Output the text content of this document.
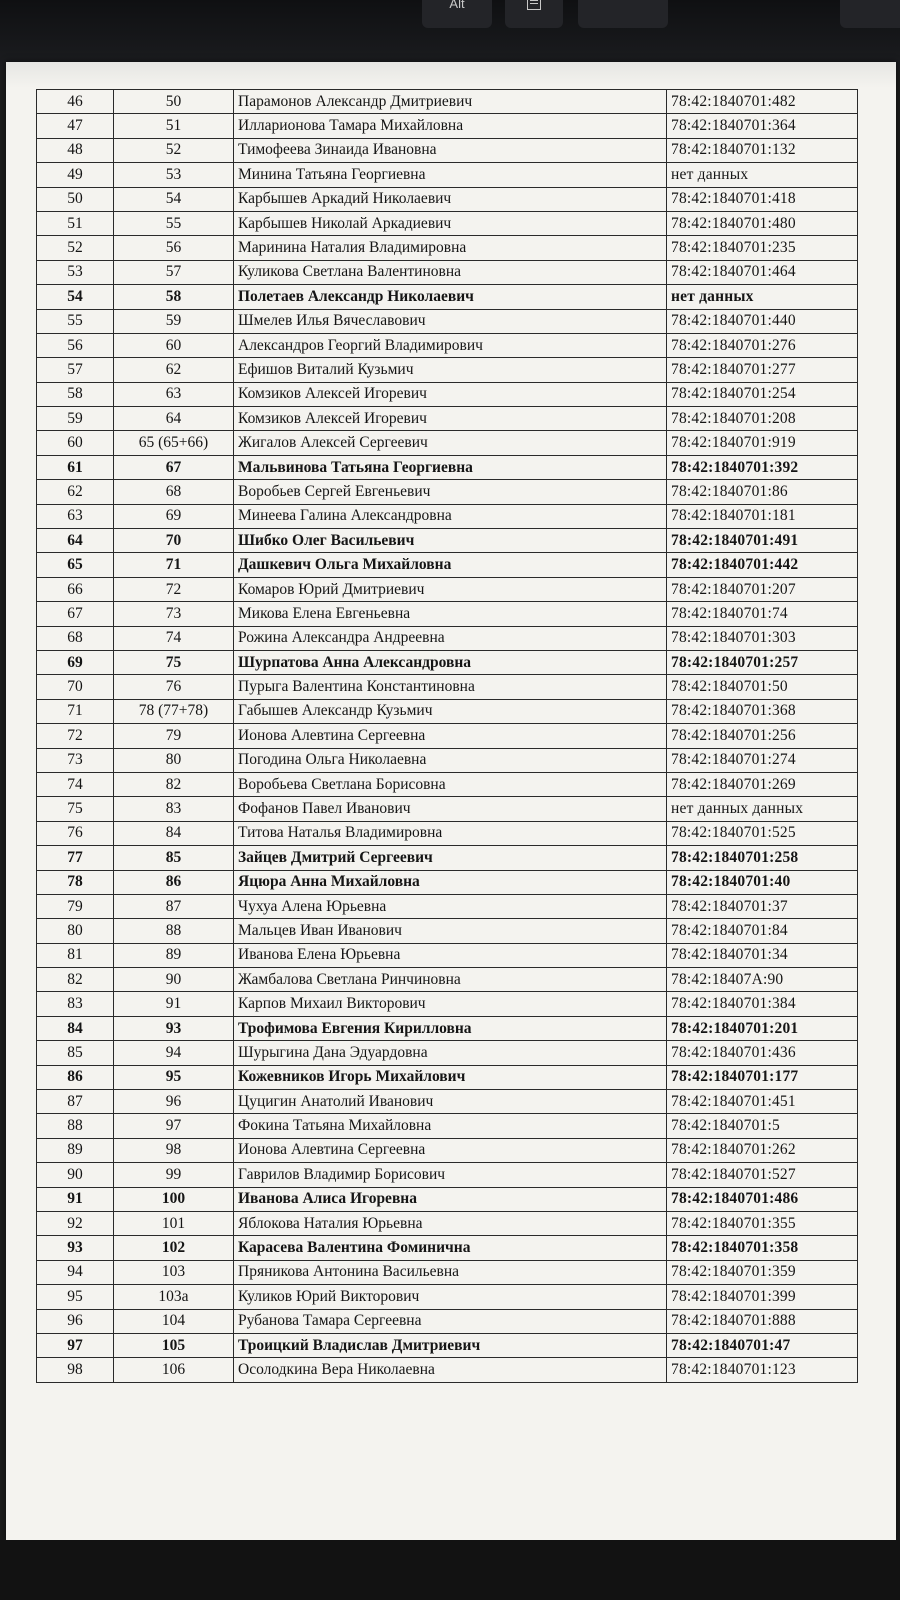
Alt
46	50	Парамонов Александр Дмитриевич	78:42:1840701:482
47	51	Илларионова Тамара Михайловна	78:42:1840701:364
48	52	Тимофеева Зинаида Ивановна	78:42:1840701:132
49	53	Минина Татьяна Георгиевна	нет данных
50	54	Карбышев Аркадий Николаевич	78:42:1840701:418
51	55	Карбышев Николай Аркадиевич	78:42:1840701:480
52	56	Маринина Наталия Владимировна	78:42:1840701:235
53	57	Куликова Светлана Валентиновна	78:42:1840701:464
54	58	Полетаев Александр Николаевич	нет данных
55	59	Шмелев Илья Вячеславович	78:42:1840701:440
56	60	Александров Георгий Владимирович	78:42:1840701:276
57	62	Ефишов Виталий Кузьмич	78:42:1840701:277
58	63	Комзиков Алексей Игоревич	78:42:1840701:254
59	64	Комзиков Алексей Игоревич	78:42:1840701:208
60	65 (65+66)	Жигалов Алексей Сергеевич	78:42:1840701:919
61	67	Мальвинова Татьяна Георгиевна	78:42:1840701:392
62	68	Воробьев Сергей Евгеньевич	78:42:1840701:86
63	69	Минеева Галина Александровна	78:42:1840701:181
64	70	Шибко Олег Васильевич	78:42:1840701:491
65	71	Дашкевич Ольга Михайловна	78:42:1840701:442
66	72	Комаров Юрий Дмитриевич	78:42:1840701:207
67	73	Микова Елена Евгеньевна	78:42:1840701:74
68	74	Рожина Александра Андреевна	78:42:1840701:303
69	75	Шурпатова Анна Александровна	78:42:1840701:257
70	76	Пурыга Валентина Константиновна	78:42:1840701:50
71	78 (77+78)	Габышев Александр Кузьмич	78:42:1840701:368
72	79	Ионова Алевтина Сергеевна	78:42:1840701:256
73	80	Погодина Ольга Николаевна	78:42:1840701:274
74	82	Воробьева Светлана Борисовна	78:42:1840701:269
75	83	Фофанов Павел Иванович	нет данных данных
76	84	Титова Наталья Владимировна	78:42:1840701:525
77	85	Зайцев Дмитрий Сергеевич	78:42:1840701:258
78	86	Яцюра Анна Михайловна	78:42:1840701:40
79	87	Чухуа Алена Юрьевна	78:42:1840701:37
80	88	Мальцев Иван Иванович	78:42:1840701:84
81	89	Иванова Елена Юрьевна	78:42:1840701:34
82	90	Жамбалова Светлана Ринчиновна	78:42:18407А:90
83	91	Карпов Михаил Викторович	78:42:1840701:384
84	93	Трофимова Евгения Кирилловна	78:42:1840701:201
85	94	Шурыгина Дана Эдуардовна	78:42:1840701:436
86	95	Кожевников Игорь Михайлович	78:42:1840701:177
87	96	Цуцигин Анатолий Иванович	78:42:1840701:451
88	97	Фокина Татьяна Михайловна	78:42:1840701:5
89	98	Ионова Алевтина Сергеевна	78:42:1840701:262
90	99	Гаврилов Владимир Борисович	78:42:1840701:527
91	100	Иванова Алиса Игоревна	78:42:1840701:486
92	101	Яблокова Наталия Юрьевна	78:42:1840701:355
93	102	Карасева Валентина Фоминична	78:42:1840701:358
94	103	Пряникова Антонина Васильевна	78:42:1840701:359
95	103а	Куликов Юрий Викторович	78:42:1840701:399
96	104	Рубанова Тамара Сергеевна	78:42:1840701:888
97	105	Троицкий Владислав Дмитриевич	78:42:1840701:47
98	106	Осолодкина Вера Николаевна	78:42:1840701:123
